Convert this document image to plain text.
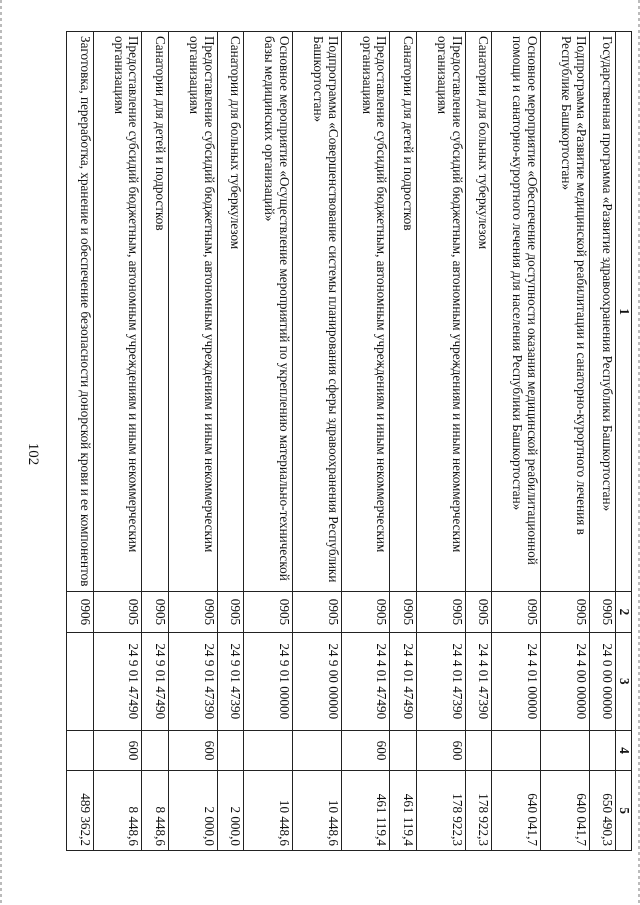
102
1	2	3	4	5
Государственная программа «Развитие здравоохранения Республики Башкортостан»	0905	24 0 00 00000		650 490,3
Подпрограмма «Развитие медицинской реабилитации и санаторно-курортного лечения в Республике Башкортостан»	0905	24 4 00 00000		640 041,7
Основное мероприятие «Обеспечение доступности оказания медицинской реабилитационной помощи и санаторно-курортного лечения для населения Республики Башкортостан»	0905	24 4 01 00000		640 041,7
Санатории для больных туберкулезом	0905	24 4 01 47390		178 922,3
Предоставление субсидий бюджетным, автономным учреждениям и иным некоммерческим организациям	0905	24 4 01 47390	600	178 922,3
Санатории для детей и подростков	0905	24 4 01 47490		461 119,4
Предоставление субсидий бюджетным, автономным учреждениям и иным некоммерческим организациям	0905	24 4 01 47490	600	461 119,4
Подпрограмма «Совершенствование системы планирования сферы здравоохранения Республики Башкортостан»	0905	24 9 00 00000		10 448,6
Основное мероприятие «Осуществление мероприятий по укреплению материально-технической базы медицинских организаций»	0905	24 9 01 00000		10 448,6
Санатории для больных туберкулезом	0905	24 9 01 47390		2 000,0
Предоставление субсидий бюджетным, автономным учреждениям и иным некоммерческим организациям	0905	24 9 01 47390	600	2 000,0
Санатории для детей и подростков	0905	24 9 01 47490		8 448,6
Предоставление субсидий бюджетным, автономным учреждениям и иным некоммерческим организациям	0905	24 9 01 47490	600	8 448,6
Заготовка, переработка, хранение и обеспечение безопасности донорской крови и ее компонентов	0906			489 362,2
